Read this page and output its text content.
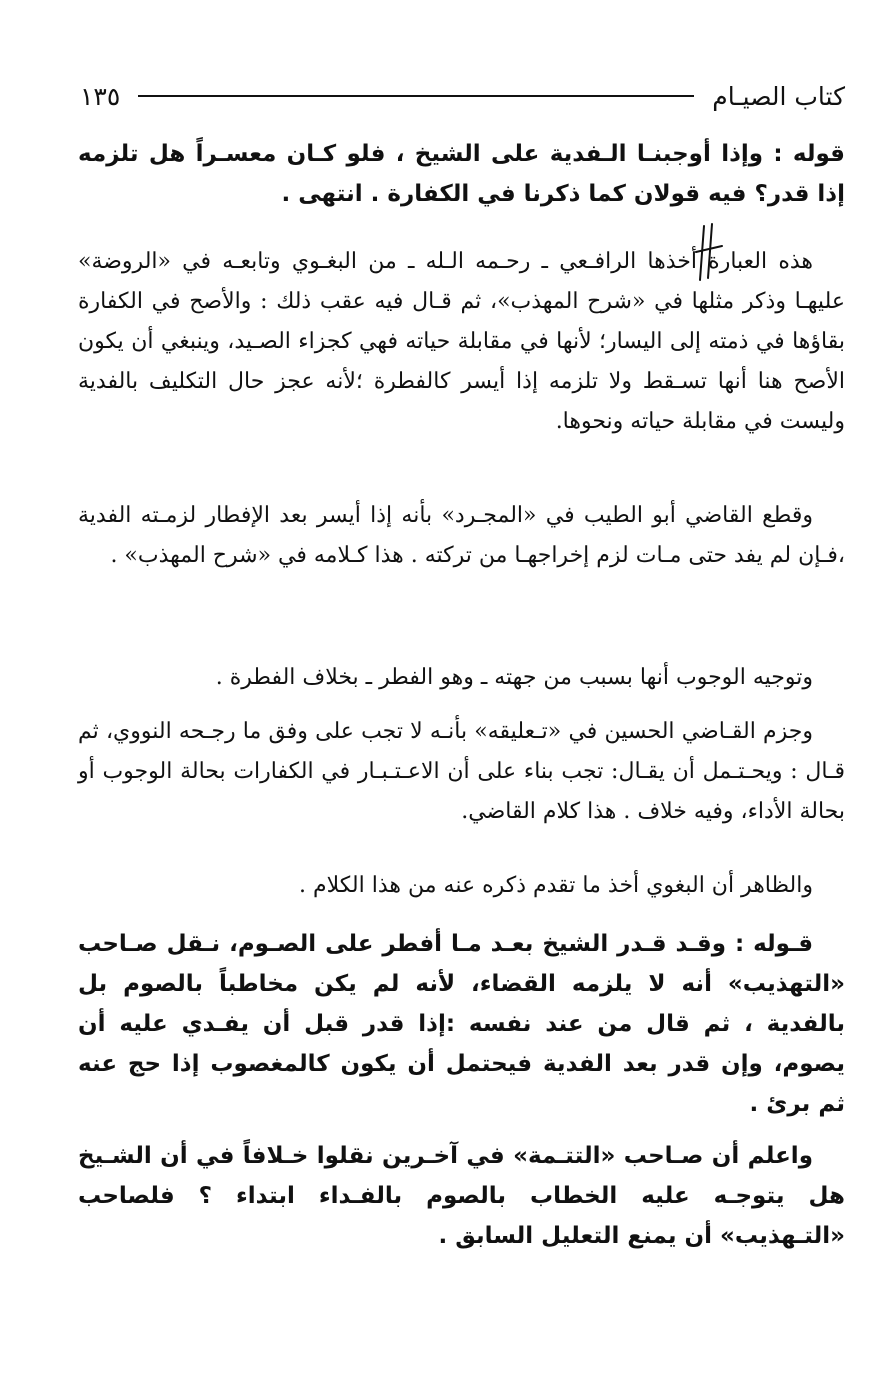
كتاب الصيـام
١٣٥

قوله : وإذا أوجبنـا الـفدية على الشيخ ، فلو كـان معسـراً هل تلزمه إذا قدر؟ فيه قولان كما ذكرنا في الكفارة . انتهى .

هذه العبارة أخذها الرافـعي ـ رحـمه الـله ـ من البغـوي وتابعـه في «الروضة» عليهـا وذكر مثلها في «شرح المهذب»، ثم قـال فيه عقب ذلك : والأصح في الكفارة بقاؤها في ذمته إلى اليسار؛ لأنها في مقابلة حياته فهي كجزاء الصـيد، وينبغي أن يكون الأصح هنا أنها تسـقط ولا تلزمه إذا أيسر كالفطرة ؛لأنه عجز حال التكليف بالفدية وليست في مقابلة حياته ونحوها.

وقطع القاضي أبو الطيب في «المجـرد» بأنه إذا أيسر بعد الإفطار لزمـته الفدية ،فـإن لم يفد حتى مـات لزم إخراجهـا من تركته . هذا كـلامه في «شرح المهذب» .

وتوجيه الوجوب أنها بسبب من جهته ـ وهو الفطر ـ بخلاف الفطرة .

وجزم القـاضي الحسين في «تـعليقه» بأنـه لا تجب على وفق ما رجـحه النووي، ثم قـال : ويحـتـمل أن يقـال: تجب بناء على أن الاعـتـبـار في الكفارات بحالة الوجوب أو بحالة الأداء، وفيه خلاف . هذا كلام القاضي.

والظاهر أن البغوي أخذ ما تقدم ذكره عنه من هذا الكلام .

قـوله : وقـد قـدر الشيخ بعـد مـا أفطر على الصـوم، نـقل صـاحب «التهذيب» أنه لا يلزمه القضاء، لأنه لم يكن مخاطباً بالصوم بل بالفدية ، ثم قال من عند نفسه :إذا قدر قبل أن يفـدي عليه أن يصوم، وإن قدر بعد الفدية فيحتمل أن يكون كالمغصوب إذا حج عنه ثم برئ .

واعلم أن صـاحب «التتـمة» في آخـرين نقلوا خـلافاً في أن الشـيخ هل يتوجـه عليه الخطاب بالصوم بالفـداء ابتداء ؟ فلصاحب «التـهذيب» أن يمنع التعليل السابق .
